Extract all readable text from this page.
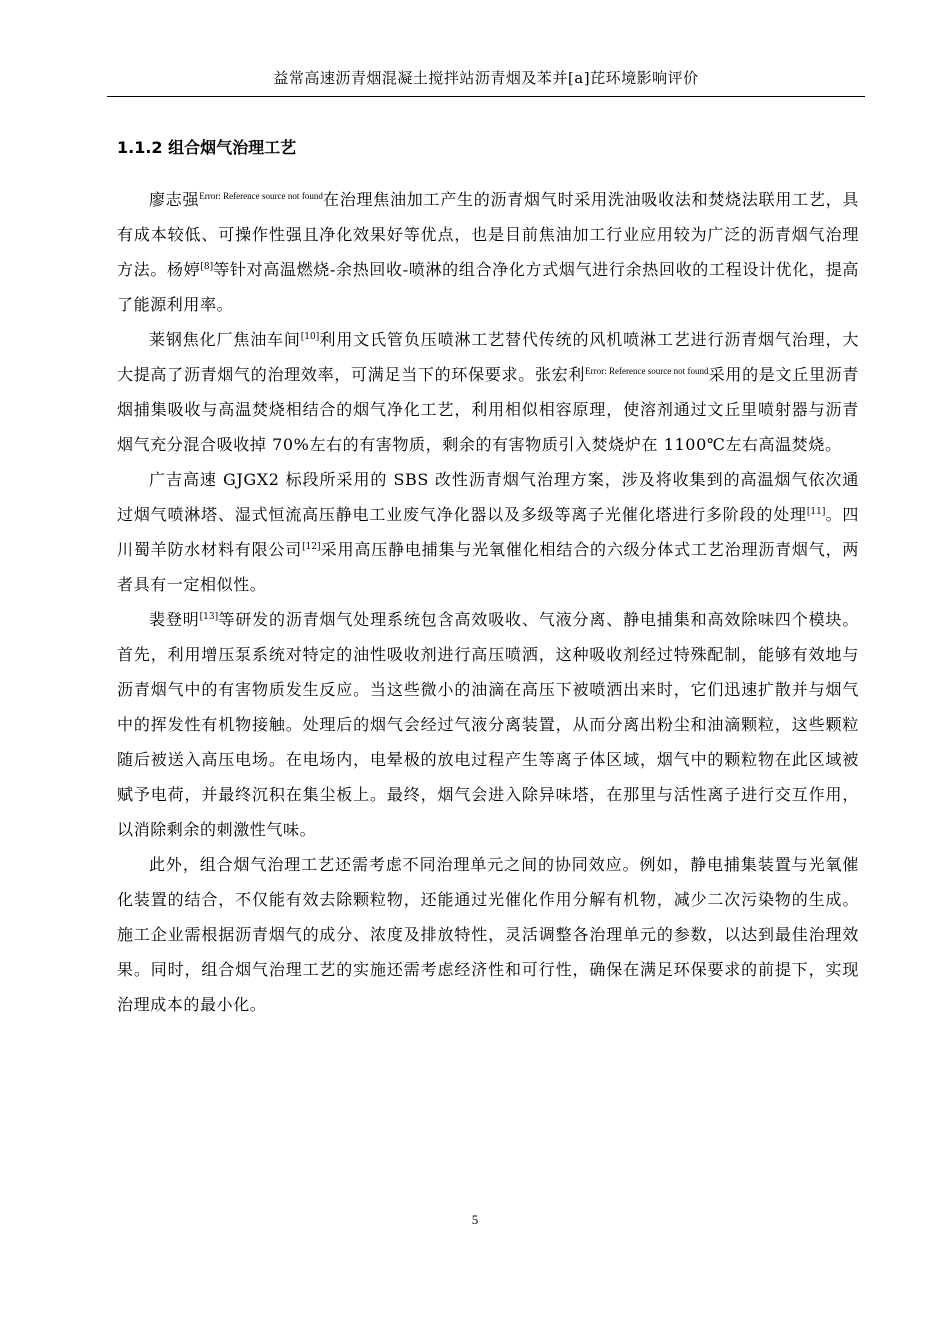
益常高速沥青烟混凝土搅拌站沥青烟及苯并[a]芘环境影响评价
1.1.2 组合烟气治理工艺

廖志强$^{Error: Reference source not found}$在治理焦油加工产生的沥青烟气时采用洗油吸收法和焚烧法联用工艺，具有成本较低、可操作性强且净化效果好等优点，也是目前焦油加工行业应用较为广泛的沥青烟气治理方法。杨婷[8]等针对高温燃烧-余热回收-喷淋的组合净化方式烟气进行余热回收的工程设计优化，提高了能源利用率。

莱钢焦化厂焦油车间[10]利用文氏管负压喷淋工艺替代传统的风机喷淋工艺进行沥青烟气治理，大大提高了沥青烟气的治理效率，可满足当下的环保要求。张宏利$^{Error: Reference source not found}$采用的是文丘里沥青烟捕集吸收与高温焚烧相结合的烟气净化工艺，利用相似相容原理，使溶剂通过文丘里喷射器与沥青烟气充分混合吸收掉 70%左右的有害物质，剩余的有害物质引入焚烧炉在 1100℃左右高温焚烧。

广吉高速 GJGX2 标段所采用的 SBS 改性沥青烟气治理方案，涉及将收集到的高温烟气依次通过烟气喷淋塔、湿式恒流高压静电工业废气净化器以及多级等离子光催化塔进行多阶段的处理[11]。四川蜀羊防水材料有限公司[12]采用高压静电捕集与光氧催化相结合的六级分体式工艺治理沥青烟气，两者具有一定相似性。

裴登明[13]等研发的沥青烟气处理系统包含高效吸收、气液分离、静电捕集和高效除味四个模块。首先，利用增压泵系统对特定的油性吸收剂进行高压喷洒，这种吸收剂经过特殊配制，能够有效地与沥青烟气中的有害物质发生反应。当这些微小的油滴在高压下被喷洒出来时，它们迅速扩散并与烟气中的挥发性有机物接触。处理后的烟气会经过气液分离装置，从而分离出粉尘和油滴颗粒，这些颗粒随后被送入高压电场。在电场内，电晕极的放电过程产生等离子体区域，烟气中的颗粒物在此区域被赋予电荷，并最终沉积在集尘板上。最终，烟气会进入除异味塔，在那里与活性离子进行交互作用，以消除剩余的刺激性气味。

此外，组合烟气治理工艺还需考虑不同治理单元之间的协同效应。例如，静电捕集装置与光氧催化装置的结合，不仅能有效去除颗粒物，还能通过光催化作用分解有机物，减少二次污染物的生成。施工企业需根据沥青烟气的成分、浓度及排放特性，灵活调整各治理单元的参数，以达到最佳治理效果。同时，组合烟气治理工艺的实施还需考虑经济性和可行性，确保在满足环保要求的前提下，实现治理成本的最小化。

5
